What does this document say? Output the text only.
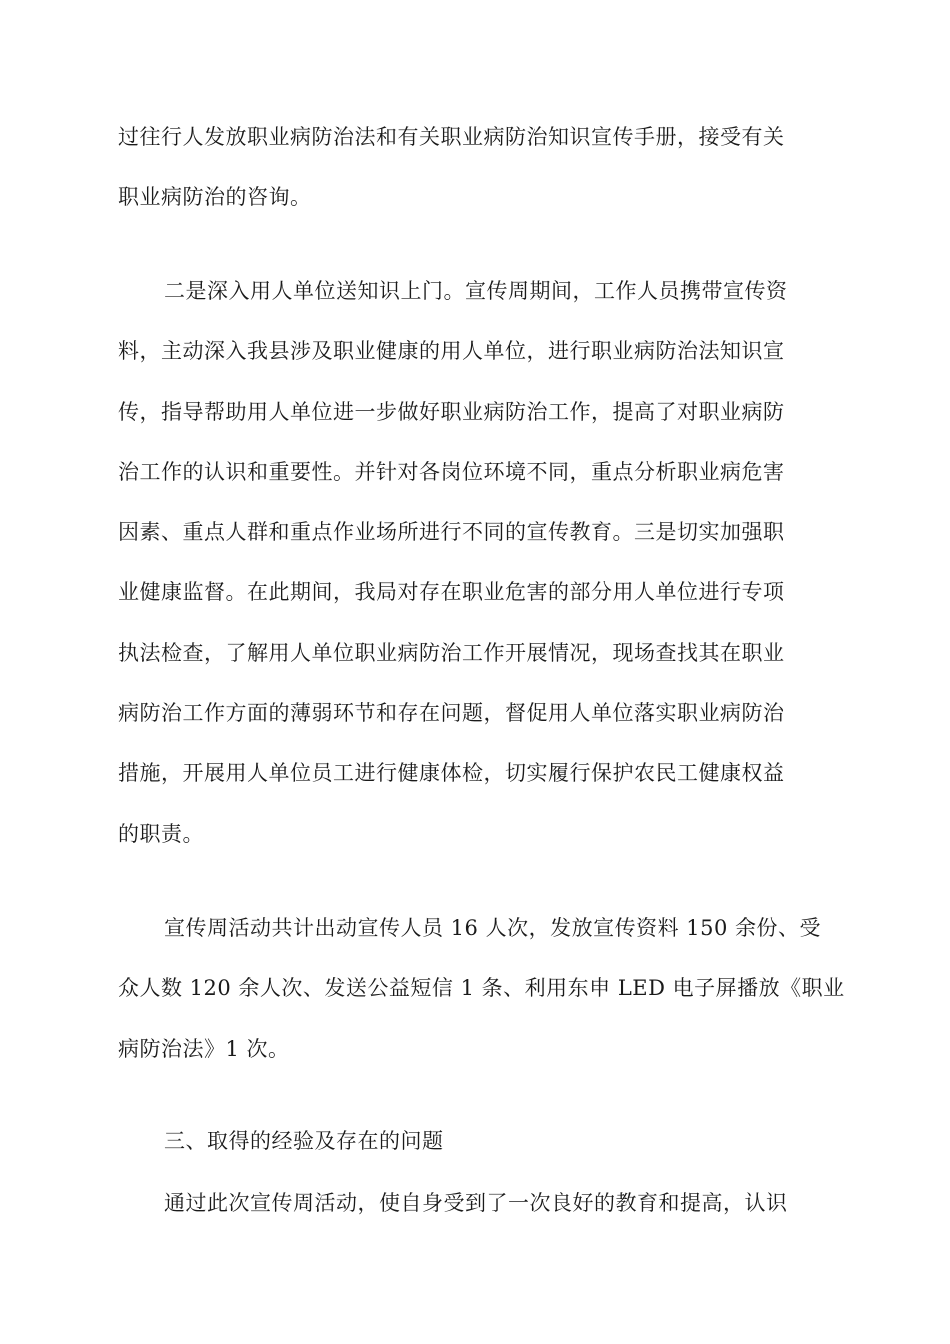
过往行人发放职业病防治法和有关职业病防治知识宣传手册，接受有关
职业病防治的咨询。
二是深入用人单位送知识上门。宣传周期间，工作人员携带宣传资
料，主动深入我县涉及职业健康的用人单位，进行职业病防治法知识宣
传，指导帮助用人单位进一步做好职业病防治工作，提高了对职业病防
治工作的认识和重要性。并针对各岗位环境不同，重点分析职业病危害
因素、重点人群和重点作业场所进行不同的宣传教育。三是切实加强职
业健康监督。在此期间，我局对存在职业危害的部分用人单位进行专项
执法检查，了解用人单位职业病防治工作开展情况，现场查找其在职业
病防治工作方面的薄弱环节和存在问题，督促用人单位落实职业病防治
措施，开展用人单位员工进行健康体检，切实履行保护农民工健康权益
的职责。
宣传周活动共计出动宣传人员 16 人次，发放宣传资料 150 余份、受
众人数 120 余人次、发送公益短信 1 条、利用东申 LED 电子屏播放《职业
病防治法》1 次。
三、取得的经验及存在的问题
通过此次宣传周活动，使自身受到了一次良好的教育和提高，认识
